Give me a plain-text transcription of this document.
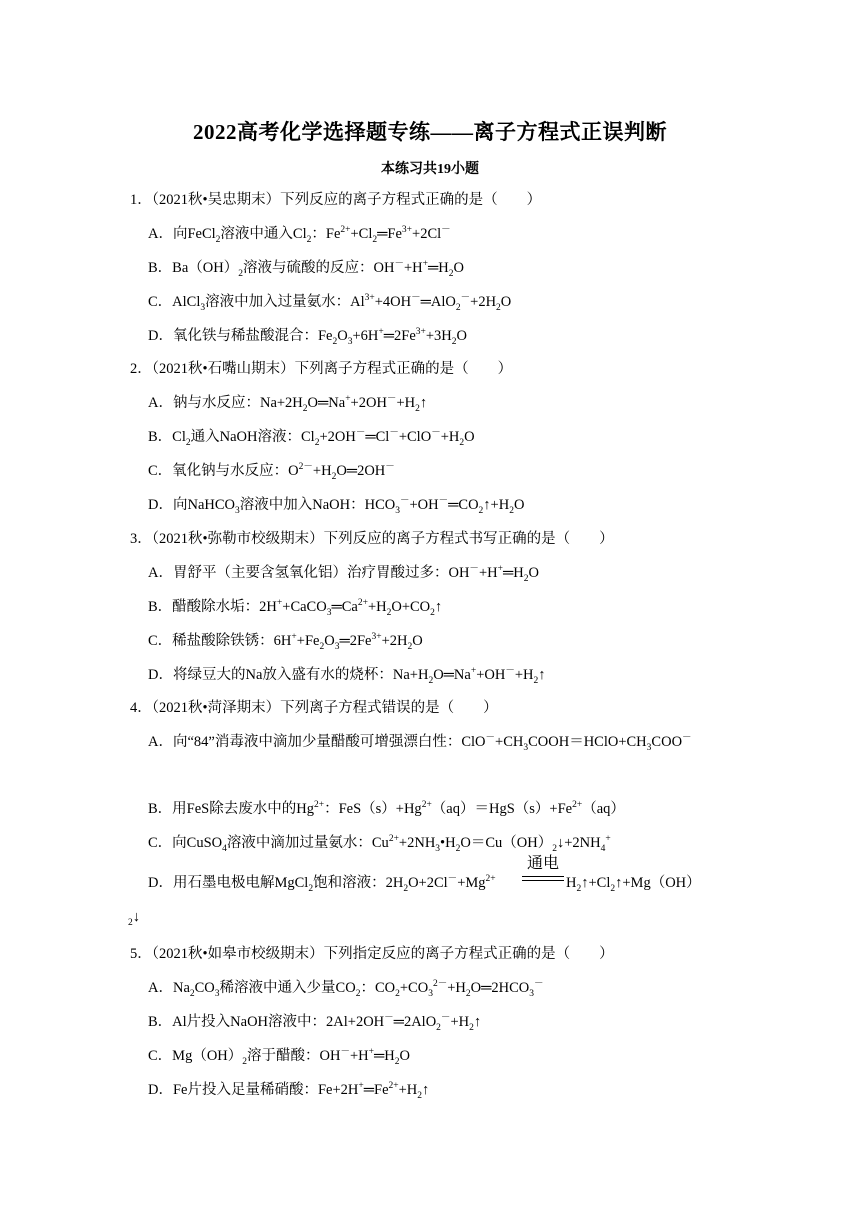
2022高考化学选择题专练——离子方程式正误判断
本练习共19小题
1．（2021秋•吴忠期末）下列反应的离子方程式正确的是（　　）
A．向FeCl$_2$溶液中通入$Cl_2$：$Fe^{2+}+Cl_2═Fe^{3+}+2Cl^-$
B．$Ba(OH)_2$溶液与硫酸的反应：$OH^-+H^+═H_2O$
C．AlCl$_3$溶液中加入过量氨水：$Al^{3+}+4OH^-═AlO_2^-+2H_2O$
D．氧化铁与稀盐酸混合：$Fe_2O_3+6H^+═2Fe^{3+}+3H_2O$
2．（2021秋•石嘴山期末）下列离子方程式正确的是（　　）
A．钠与水反应：$Na+2H_2O═Na^++2OH^-+H_2↑$
B．$Cl_2$通入NaOH溶液：$Cl_2+2OH^-═Cl^-+ClO^-+H_2O$
C．氧化钠与水反应：$O^{2-}+H_2O═2OH^-$
D．向NaHCO$_3$溶液中加入NaOH：$HCO_3^-+OH^-═CO_2↑+H_2O$
3．（2021秋•弥勒市校级期末）下列反应的离子方程式书写正确的是（　　）
A．胃舒平（主要含氢氧化铝）治疗胃酸过多：$OH^-+H^+═H_2O$
B．醋酸除水垢：$2H^++CaCO_3═Ca^{2+}+H_2O+CO_2↑$
C．稀盐酸除铁锈：$6H^++Fe_2O_3═2Fe^{3+}+2H_2O$
D．将绿豆大的Na放入盛有水的烧杯：$Na+H_2O═Na^++OH^-+H_2↑$
4．（2021秋•菏泽期末）下列离子方程式错误的是（　　）
A．向“84”消毒液中滴加少量醋酸可增强漂白性：$ClO^-+CH_3COOH=HClO+CH_3COO^-$
B．用FeS除去废水中的$Hg^{2+}$：$FeS(s)+Hg^{2+}(aq)=HgS(s)+Fe^{2+}(aq)$
C．向CuSO$_4$溶液中滴加过量氨水：$Cu^{2+}+2NH_3•H_2O=Cu(OH)_2↓+2NH_4^+$
D．用石墨电极电解MgCl$_2$饱和溶液：$2H_2O+2Cl^-+Mg^{2+}$
通电
$H_2↑+Cl_2↑+Mg(OH)$
$_2$↓
5．（2021秋•如皋市校级期末）下列指定反应的离子方程式正确的是（　　）
A．$Na_2CO_3$稀溶液中通入少量$CO_2$：$CO_2+CO_3^{2-}+H_2O═2HCO_3^-$
B．Al片投入NaOH溶液中：$2Al+2OH^-═2AlO_2^-+H_2↑$
C．$Mg(OH)_2$溶于醋酸：$OH^-+H^+═H_2O$
D．Fe片投入足量稀硝酸：$Fe+2H^+═Fe^{2+}+H_2↑$
